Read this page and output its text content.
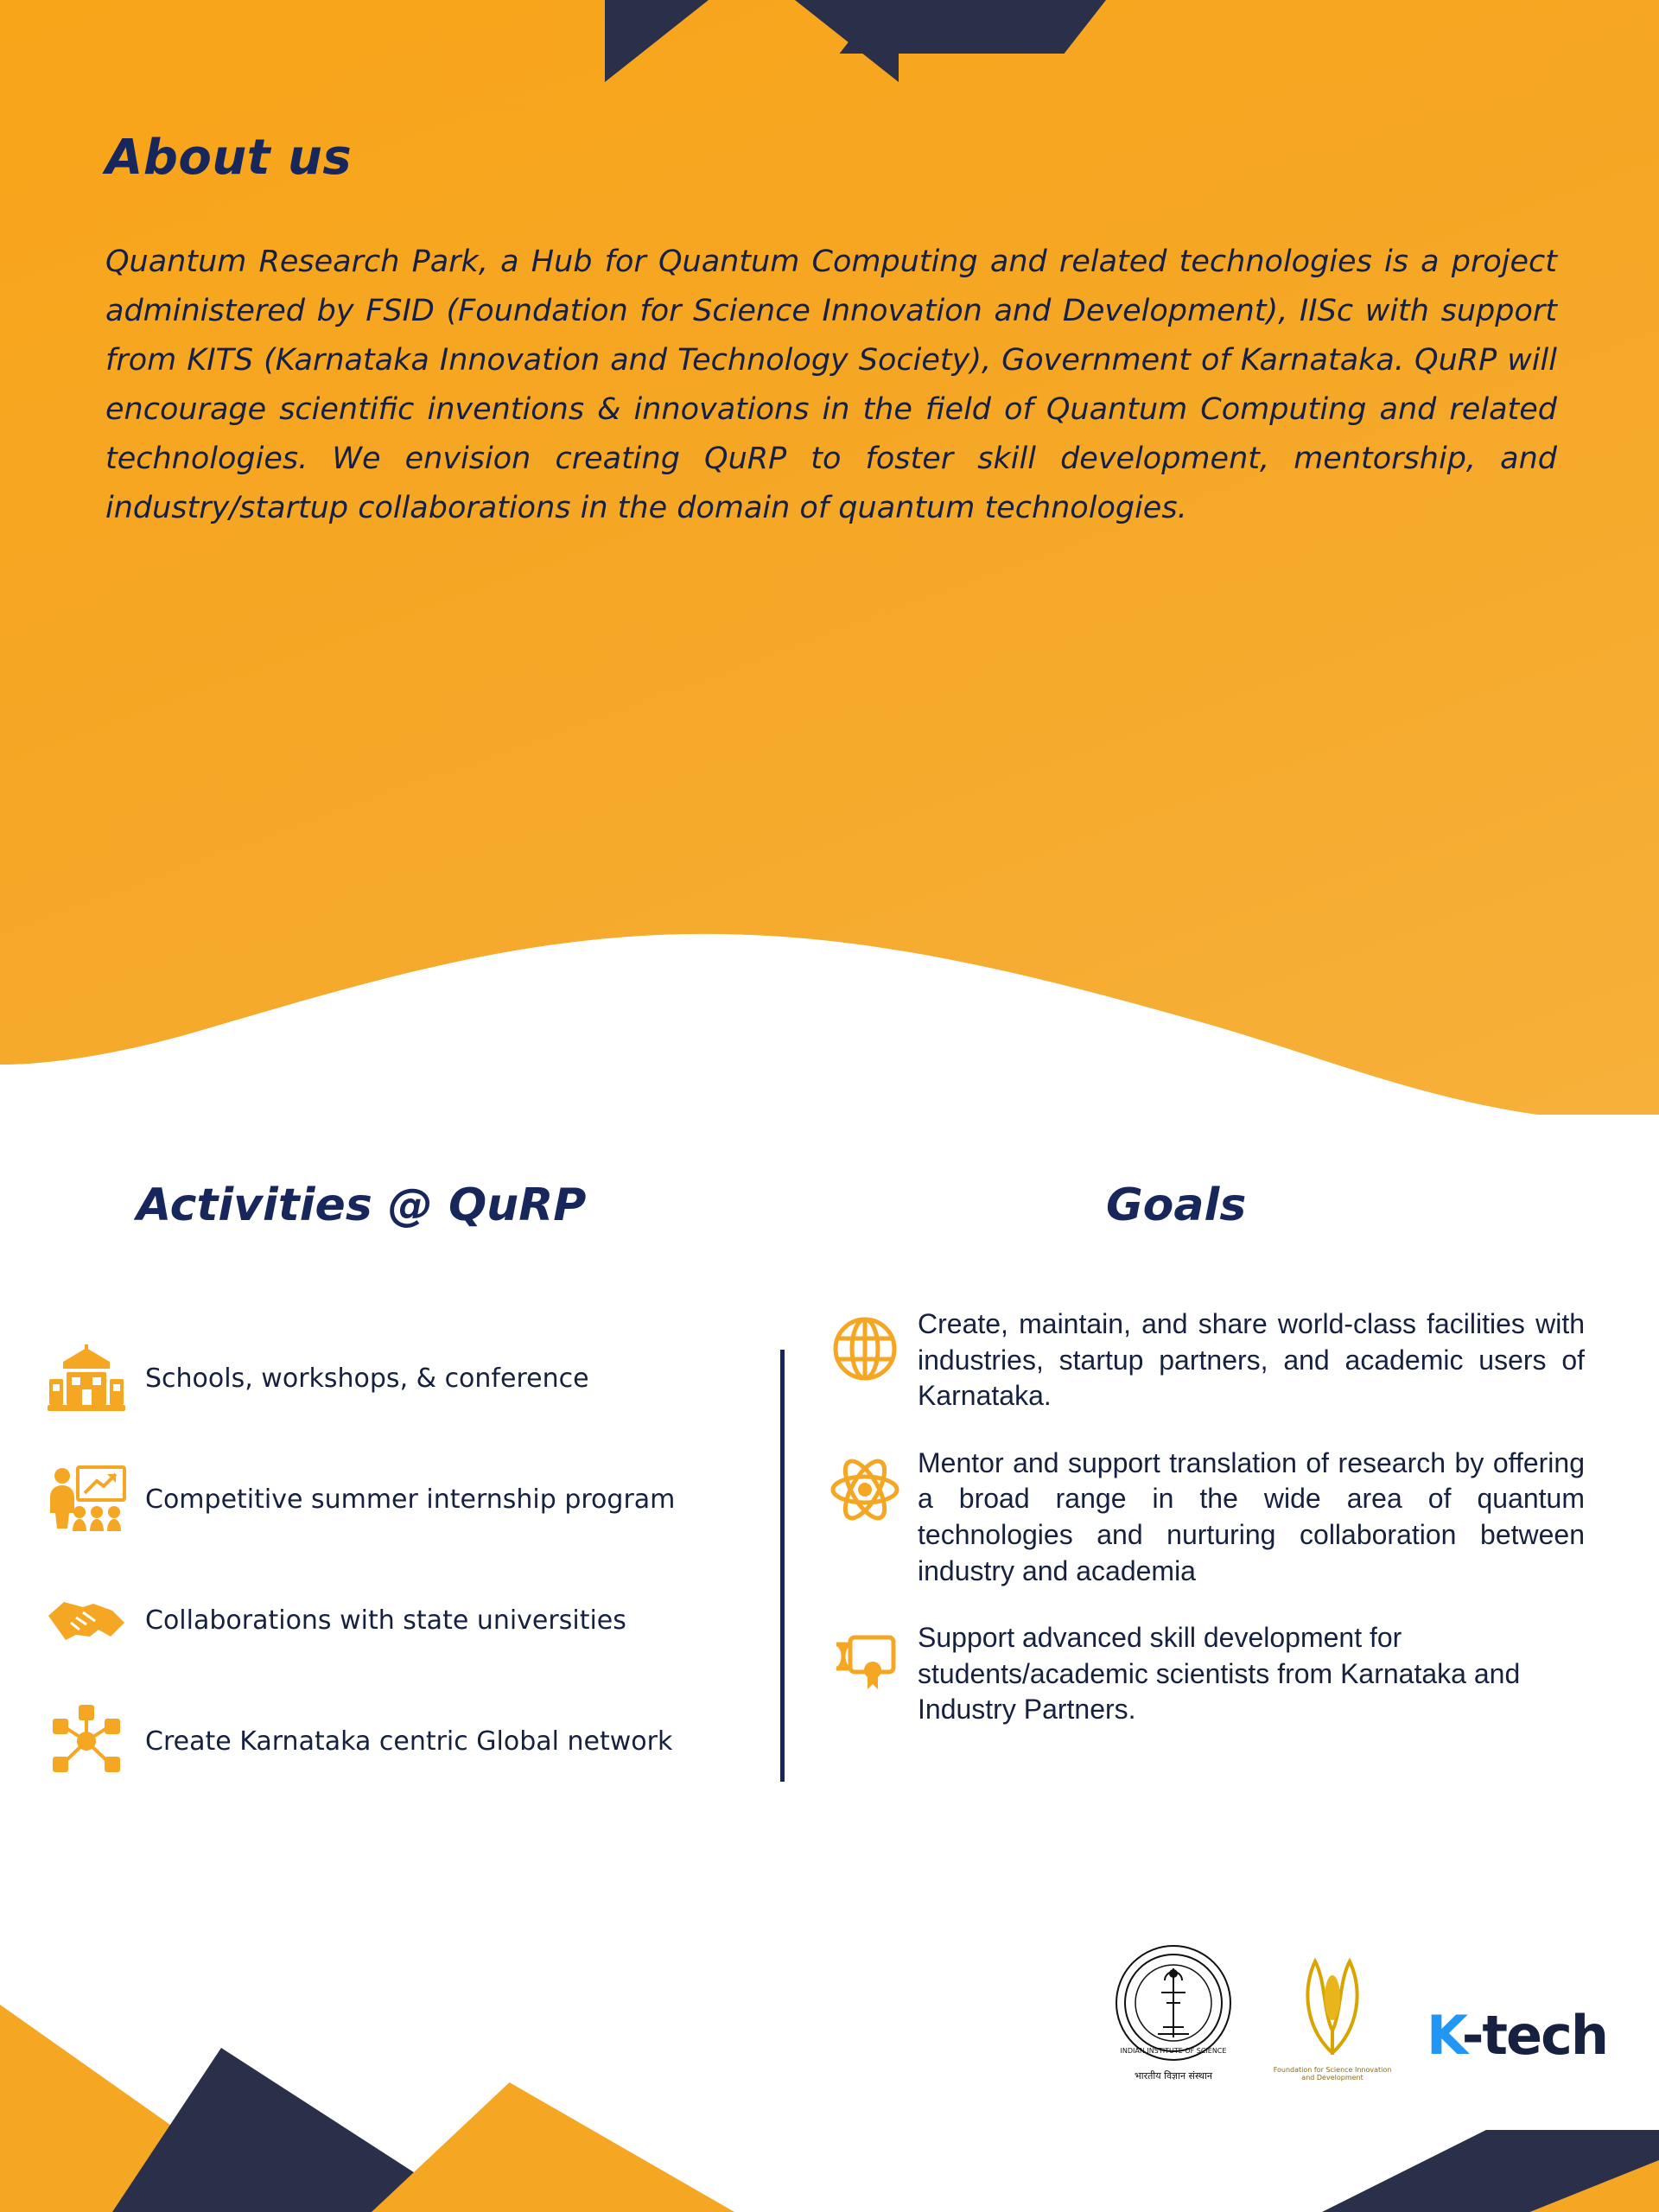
About us

Quantum Research Park, a Hub for Quantum Computing and related technologies is a project administered by FSID (Foundation for Science Innovation and Development), IISc with support from KITS (Karnataka Innovation and Technology Society), Government of Karnataka. QuRP will encourage scientific inventions & innovations in the field of Quantum Computing and related technologies. We envision creating QuRP to foster skill development, mentorship, and industry/startup collaborations in the domain of quantum technologies.

Activities @ QuRP	Goals
Schools, workshops, & conference
Competitive summer internship program
Collaborations with state universities
Create Karnataka centric Global network
Create, maintain, and share world-class facilities with industries, startup partners, and academic users of Karnataka.
Mentor and support translation of research by offering a broad range in the wide area of quantum technologies and nurturing collaboration between industry and academia
Support advanced skill development for students/academic scientists from Karnataka and Industry Partners.
INDIAN INSTITUTE OF SCIENCE
भारतीय विज्ञान संस्थान
Foundation for Science Innovation and Development
K-tech
